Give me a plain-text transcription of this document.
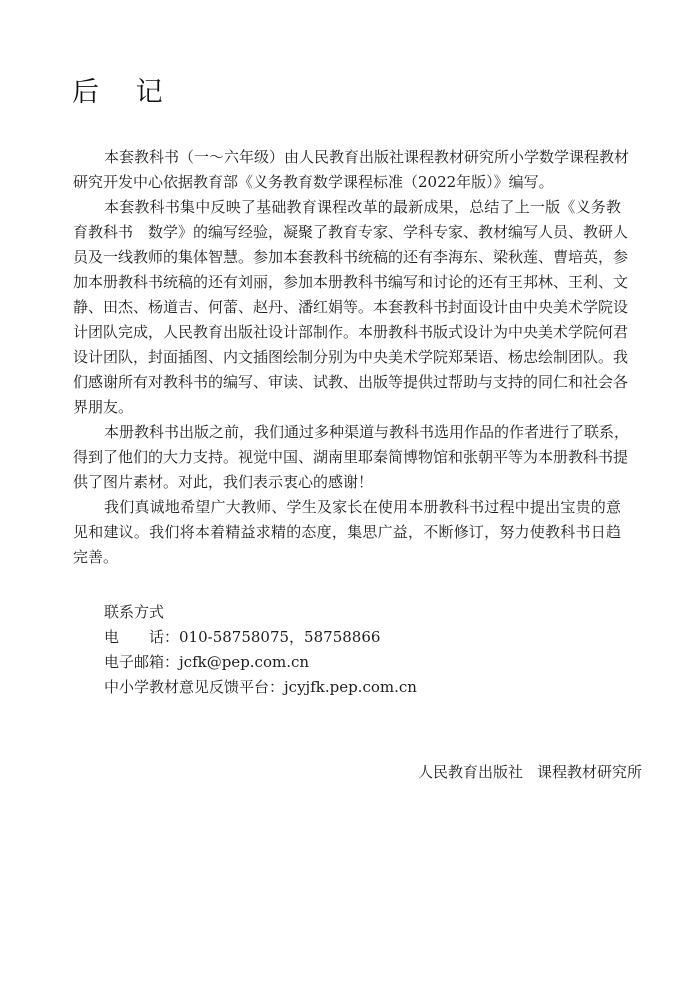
后 记
本套教科书（一～六年级）由人民教育出版社课程教材研究所小学数学课程教材
研究开发中心依据教育部《义务教育数学课程标准（2022年版）》编写。
本套教科书集中反映了基础教育课程改革的最新成果，总结了上一版《义务教
育教科书　数学》的编写经验，凝聚了教育专家、学科专家、教材编写人员、教研人
员及一线教师的集体智慧。参加本套教科书统稿的还有李海东、梁秋莲、曹培英，参
加本册教科书统稿的还有刘丽，参加本册教科书编写和讨论的还有王邦林、王利、文
静、田杰、杨道吉、何蕾、赵丹、潘红娟等。本套教科书封面设计由中央美术学院设
计团队完成，人民教育出版社设计部制作。本册教科书版式设计为中央美术学院何君
设计团队，封面插图、内文插图绘制分别为中央美术学院郑琹语、杨忠绘制团队。我
们感谢所有对教科书的编写、审读、试教、出版等提供过帮助与支持的同仁和社会各
界朋友。
本册教科书出版之前，我们通过多种渠道与教科书选用作品的作者进行了联系，
得到了他们的大力支持。视觉中国、湖南里耶秦简博物馆和张朝平等为本册教科书提
供了图片素材。对此，我们表示衷心的感谢！
我们真诚地希望广大教师、学生及家长在使用本册教科书过程中提出宝贵的意
见和建议。我们将本着精益求精的态度，集思广益，不断修订，努力使教科书日趋
完善。
联系方式
电　　话：010-58758075，58758866
电子邮箱：jcfk@pep.com.cn
中小学教材意见反馈平台：jcyjfk.pep.com.cn
人民教育出版社 课程教材研究所
